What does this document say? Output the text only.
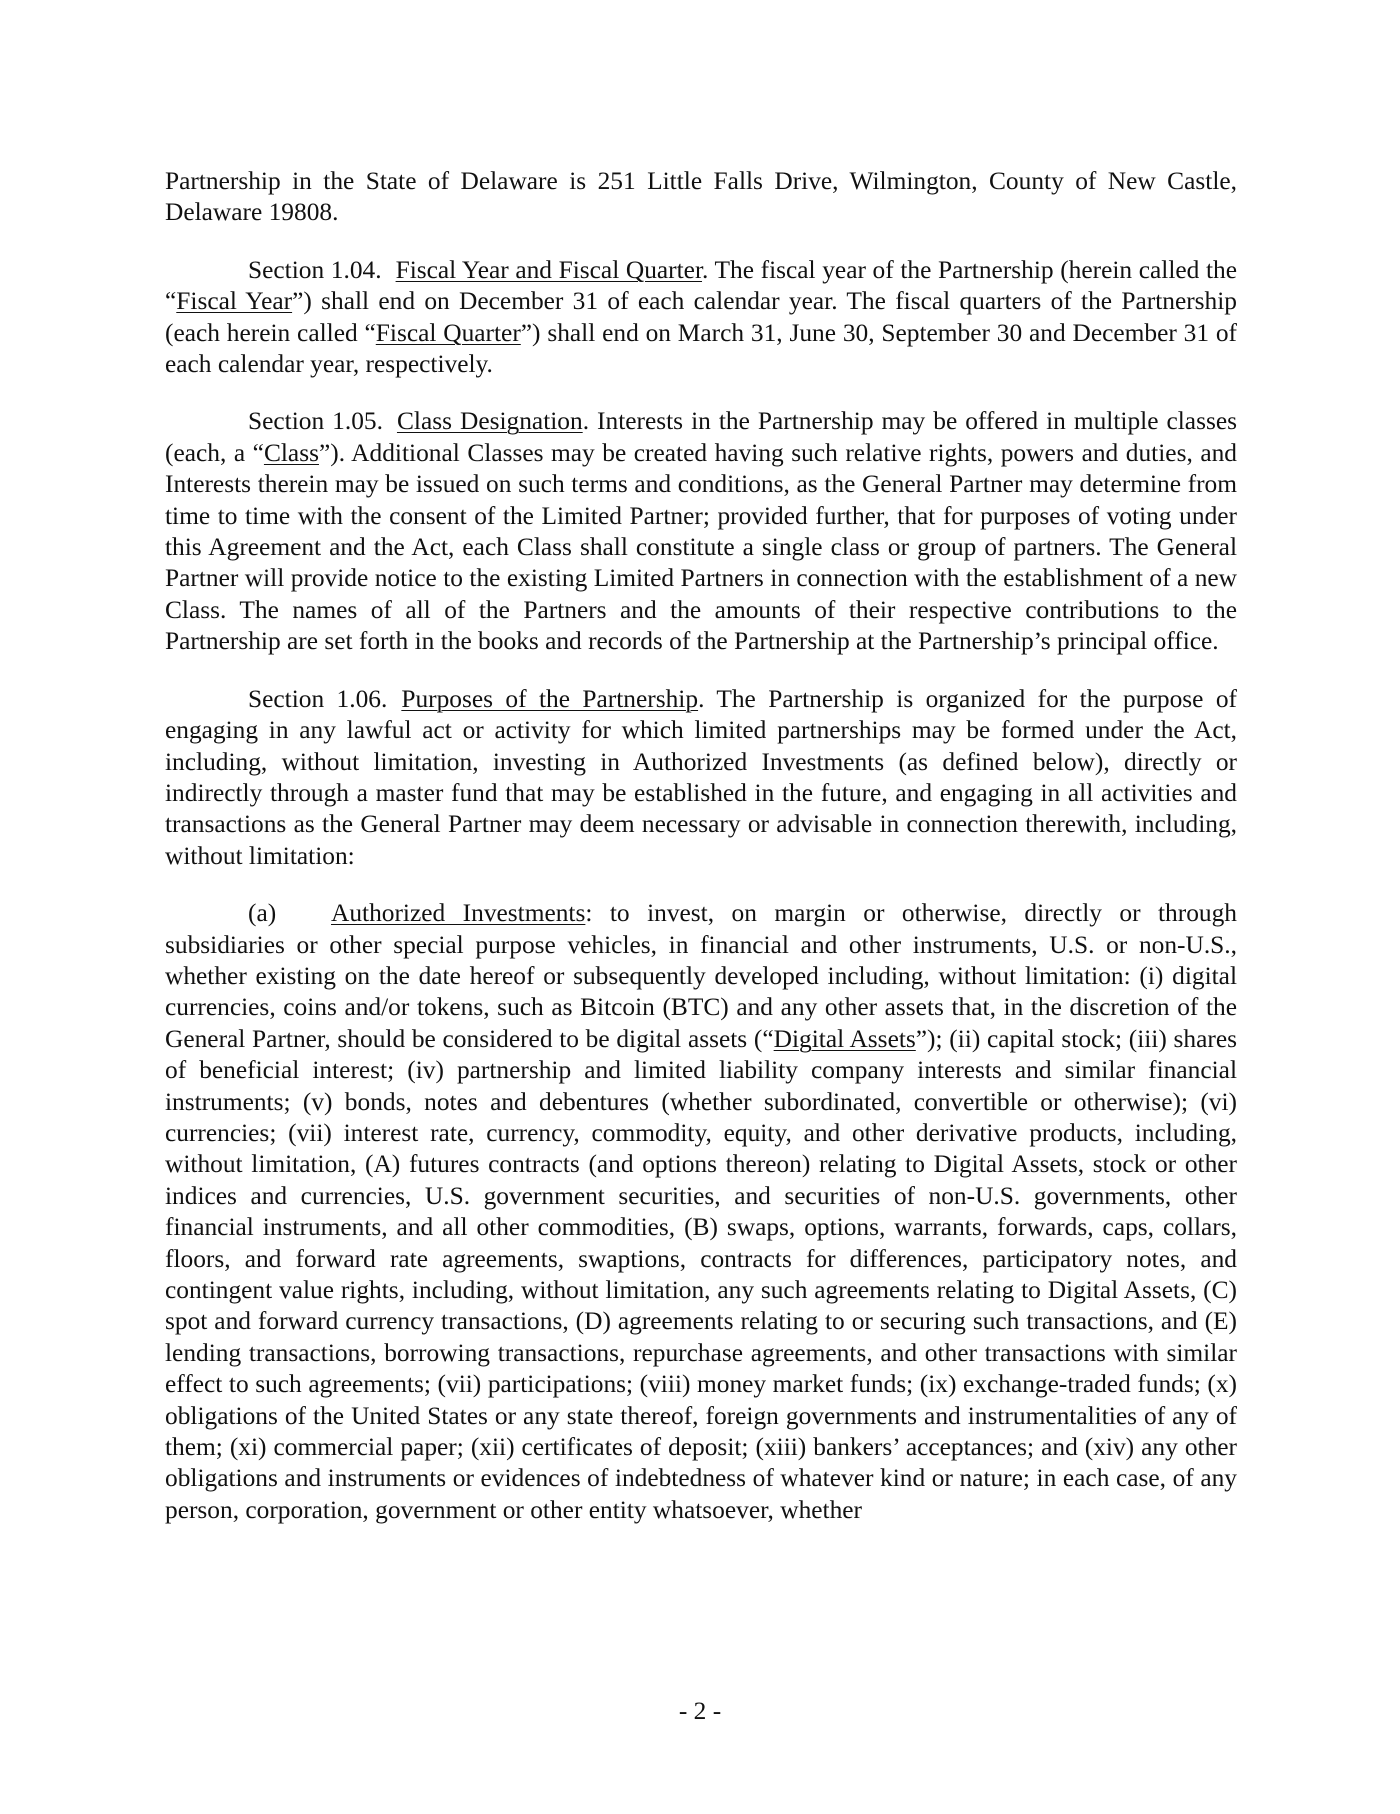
Partnership in the State of Delaware is 251 Little Falls Drive, Wilmington, County of New Castle, Delaware 19808.

Section 1.04. Fiscal Year and Fiscal Quarter. The fiscal year of the Partnership (herein called the “Fiscal Year”) shall end on December 31 of each calendar year. The fiscal quarters of the Partnership (each herein called “Fiscal Quarter”) shall end on March 31, June 30, September 30 and December 31 of each calendar year, respectively.

Section 1.05. Class Designation. Interests in the Partnership may be offered in multiple classes (each, a “Class”). Additional Classes may be created having such relative rights, powers and duties, and Interests therein may be issued on such terms and conditions, as the General Partner may determine from time to time with the consent of the Limited Partner; provided further, that for purposes of voting under this Agreement and the Act, each Class shall constitute a single class or group of partners. The General Partner will provide notice to the existing Limited Partners in connection with the establishment of a new Class. The names of all of the Partners and the amounts of their respective contributions to the Partnership are set forth in the books and records of the Partnership at the Partnership’s principal office.

Section 1.06. Purposes of the Partnership. The Partnership is organized for the purpose of engaging in any lawful act or activity for which limited partnerships may be formed under the Act, including, without limitation, investing in Authorized Investments (as defined below), directly or indirectly through a master fund that may be established in the future, and engaging in all activities and transactions as the General Partner may deem necessary or advisable in connection therewith, including, without limitation:

(a) Authorized Investments: to invest, on margin or otherwise, directly or through subsidiaries or other special purpose vehicles, in financial and other instruments, U.S. or non-U.S., whether existing on the date hereof or subsequently developed including, without limitation: (i) digital currencies, coins and/or tokens, such as Bitcoin (BTC) and any other assets that, in the discretion of the General Partner, should be considered to be digital assets (“Digital Assets”); (ii) capital stock; (iii) shares of beneficial interest; (iv) partnership and limited liability company interests and similar financial instruments; (v) bonds, notes and debentures (whether subordinated, convertible or otherwise); (vi) currencies; (vii) interest rate, currency, commodity, equity, and other derivative products, including, without limitation, (A) futures contracts (and options thereon) relating to Digital Assets, stock or other indices and currencies, U.S. government securities, and securities of non-U.S. governments, other financial instruments, and all other commodities, (B) swaps, options, warrants, forwards, caps, collars, floors, and forward rate agreements, swaptions, contracts for differences, participatory notes, and contingent value rights, including, without limitation, any such agreements relating to Digital Assets, (C) spot and forward currency transactions, (D) agreements relating to or securing such transactions, and (E) lending transactions, borrowing transactions, repurchase agreements, and other transactions with similar effect to such agreements; (vii) participations; (viii) money market funds; (ix) exchange-traded funds; (x) obligations of the United States or any state thereof, foreign governments and instrumentalities of any of them; (xi) commercial paper; (xii) certificates of deposit; (xiii) bankers’ acceptances; and (xiv) any other obligations and instruments or evidences of indebtedness of whatever kind or nature; in each case, of any person, corporation, government or other entity whatsoever, whether

- 2 -
